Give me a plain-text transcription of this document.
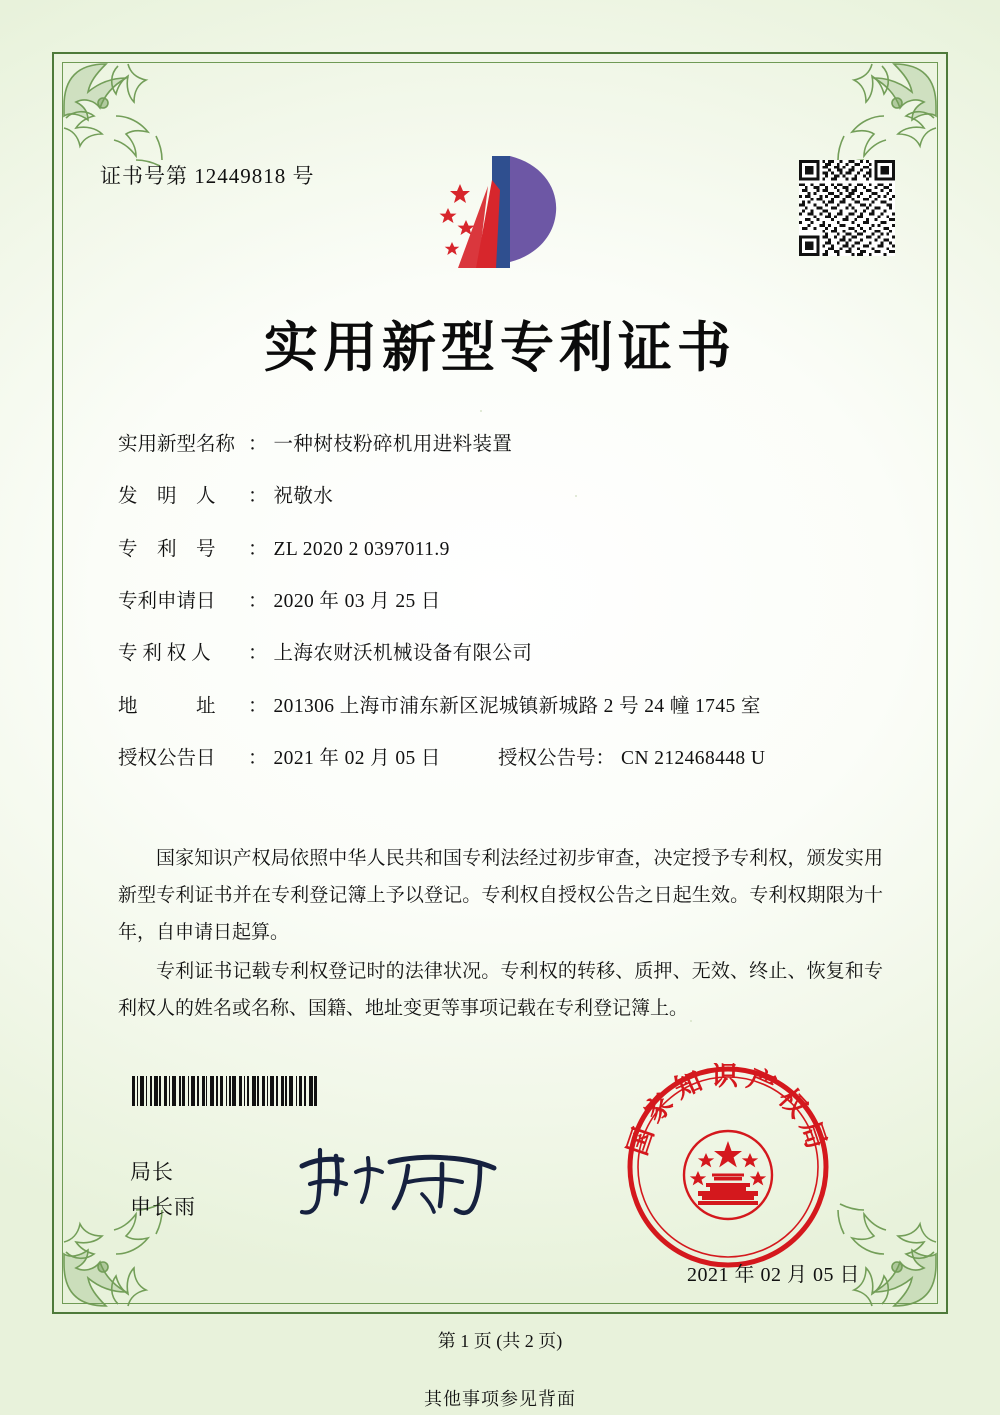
证书号第 12449818 号
实用新型专利证书
实用新型名称 ： 一种树枝粉碎机用进料装置
发　明　人	： 祝敬水
专　利　号	： ZL 2020 2 0397011.9
专利申请日	： 2020 年 03 月 25 日
专 利 权 人	： 上海农财沃机械设备有限公司
地　　　址	： 201306 上海市浦东新区泥城镇新城路 2 号 24 幢 1745 室
授权公告日	： 2021 年 02 月 05 日	授权公告号 ： CN 212468448 U

国家知识产权局依照中华人民共和国专利法经过初步审查，决定授予专利权，颁发实用新型专利证书并在专利登记簿上予以登记。专利权自授权公告之日起生效。专利权期限为十年，自申请日起算。

专利证书记载专利权登记时的法律状况。专利权的转移、质押、无效、终止、恢复和专利权人的姓名或名称、国籍、地址变更等事项记载在专利登记簿上。

局长
申长雨
国家知识产权局
2021 年 02 月 05 日
第 1 页 (共 2 页)
其他事项参见背面
